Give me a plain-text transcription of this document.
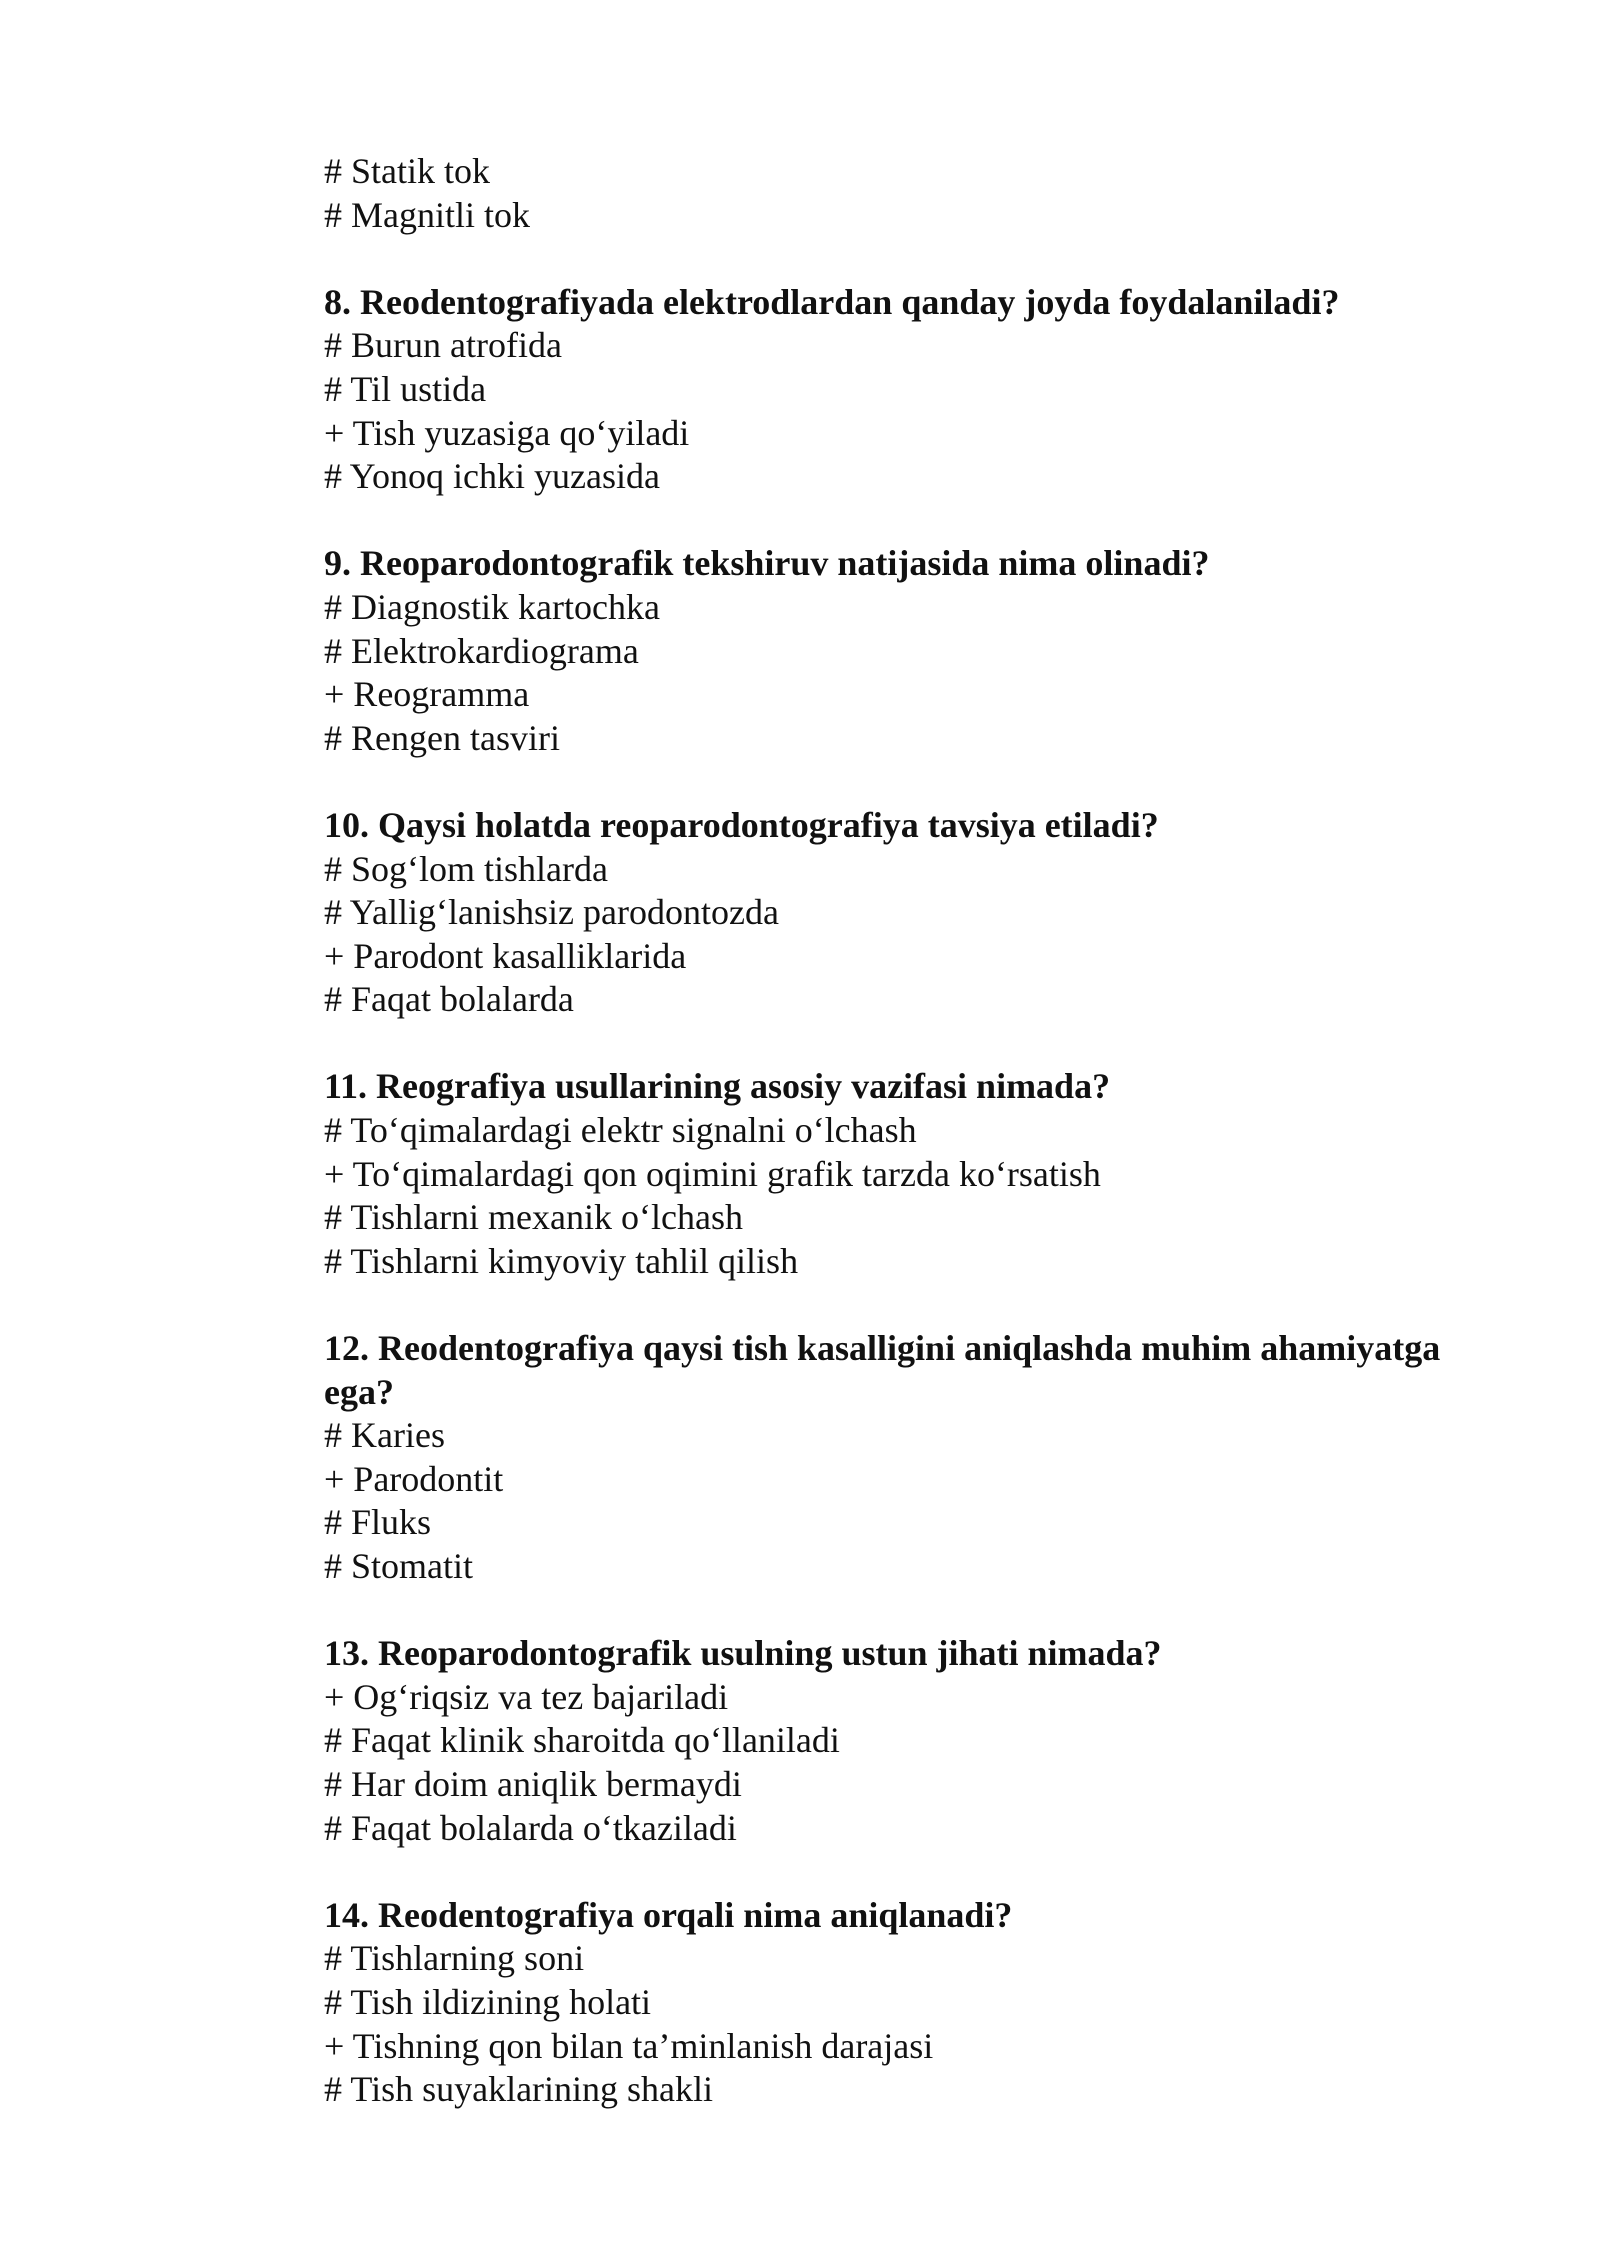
# Statik tok

# Magnitli tok

8. Reodentografiyada elektrodlardan qanday joyda foydalaniladi?

# Burun atrofida

# Til ustida

+ Tish yuzasiga qo‘yiladi

# Yonoq ichki yuzasida

9. Reoparodontografik tekshiruv natijasida nima olinadi?

# Diagnostik kartochka

# Elektrokardiograma

+ Reogramma

# Rengen tasviri

10. Qaysi holatda reoparodontografiya tavsiya etiladi?

# Sog‘lom tishlarda

# Yallig‘lanishsiz parodontozda

+ Parodont kasalliklarida

# Faqat bolalarda

11. Reografiya usullarining asosiy vazifasi nimada?

# To‘qimalardagi elektr signalni o‘lchash

+ To‘qimalardagi qon oqimini grafik tarzda ko‘rsatish

# Tishlarni mexanik o‘lchash

# Tishlarni kimyoviy tahlil qilish

12. Reodentografiya qaysi tish kasalligini aniqlashda muhim ahamiyatga ega?

# Karies

+ Parodontit

# Fluks

# Stomatit

13. Reoparodontografik usulning ustun jihati nimada?

+ Og‘riqsiz va tez bajariladi

# Faqat klinik sharoitda qo‘llaniladi

# Har doim aniqlik bermaydi

# Faqat bolalarda o‘tkaziladi

14. Reodentografiya orqali nima aniqlanadi?

# Tishlarning soni

# Tish ildizining holati

+ Tishning qon bilan ta’minlanish darajasi

# Tish suyaklarining shakli
